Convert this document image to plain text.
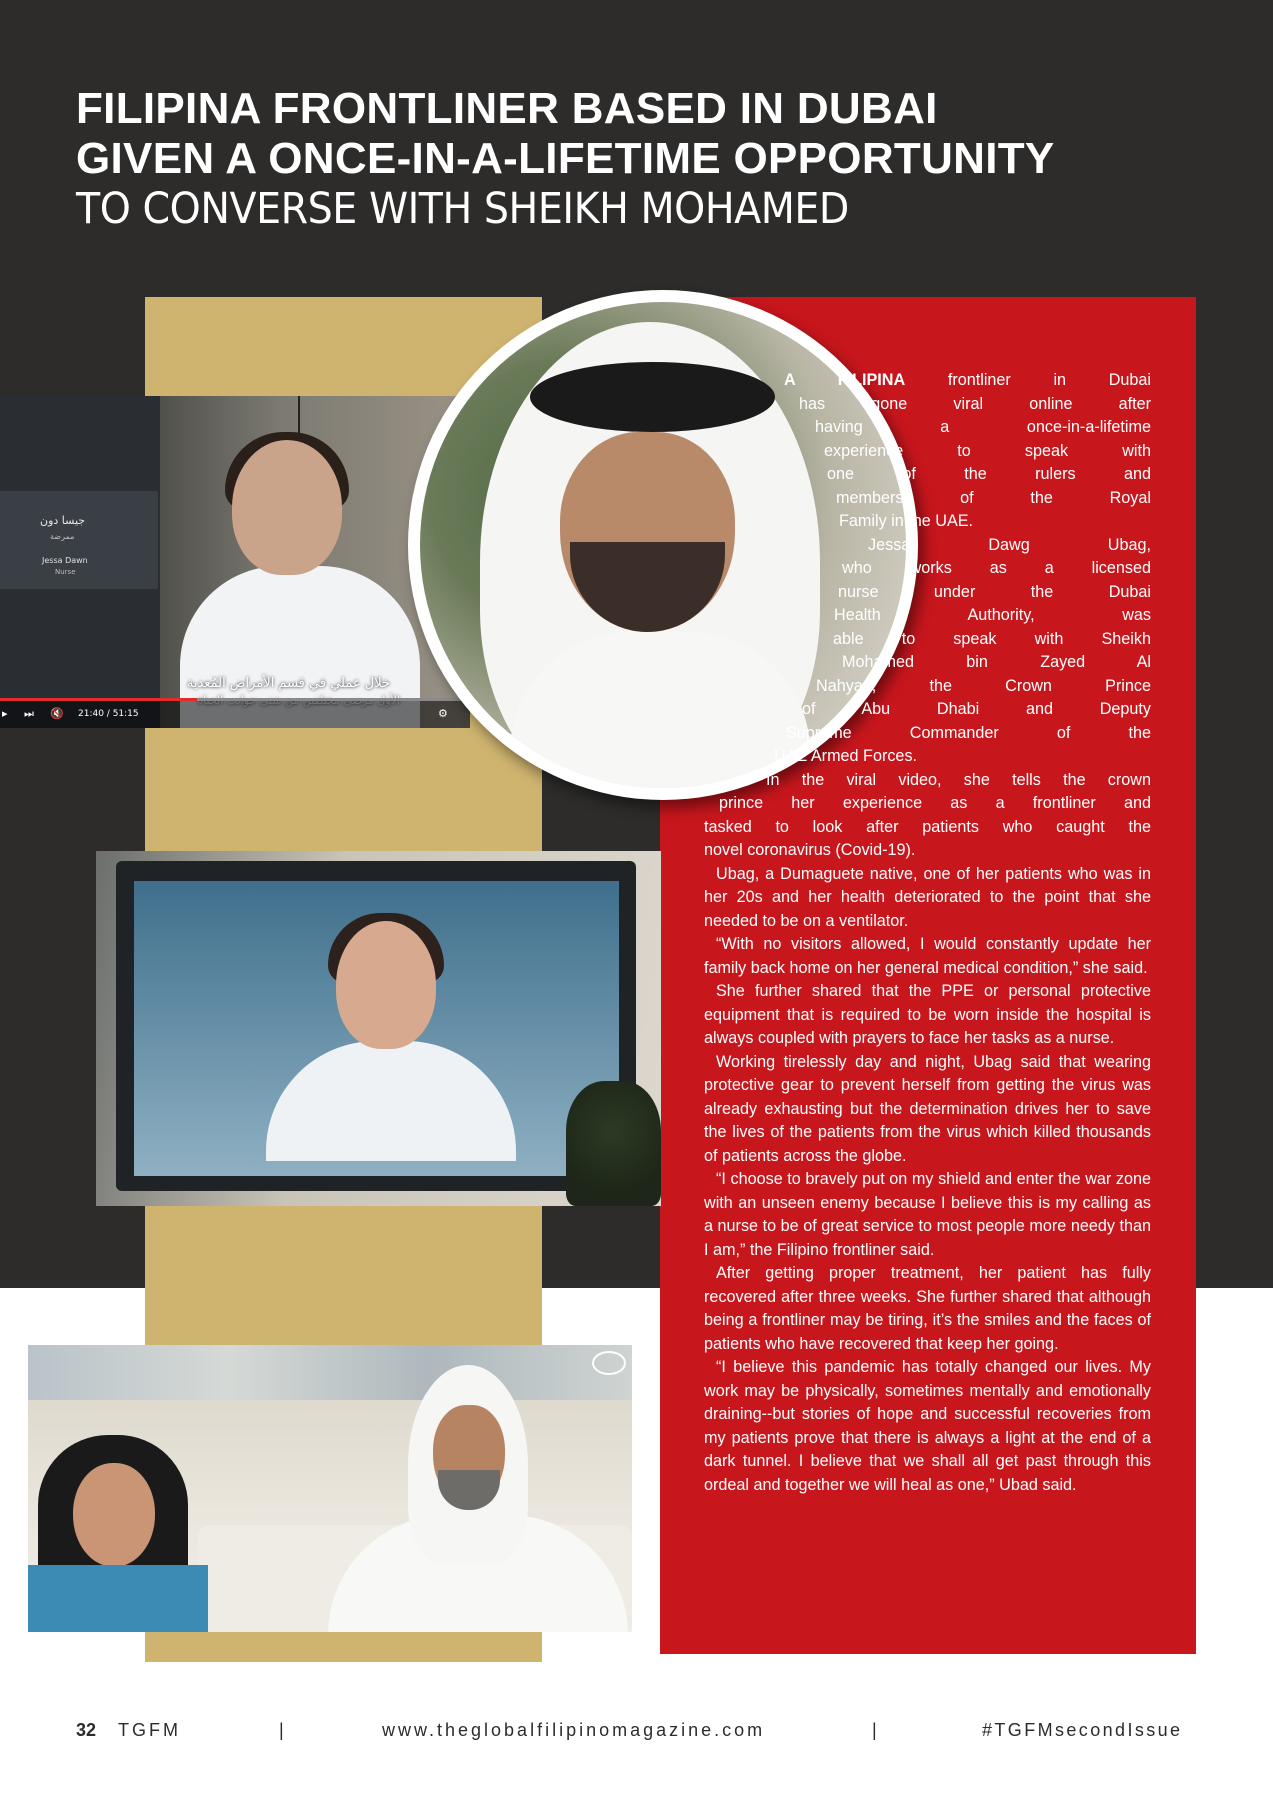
FILIPINA FRONTLINER BASED IN DUBAI
GIVEN A ONCE-IN-A-LIFETIME OPPORTUNITY
TO CONVERSE WITH SHEIKH MOHAMED
جيسا دون
ممرضة
Jessa Dawn
Nurse
خلال عملي في قسم الأمراض المُعدية
▸ ⏭ 🔇 21:40 / 51:15	⚙
A FILIPINA frontliner in Dubai
has gone viral online after
having a once-in-a-lifetime
experience to speak with
one of the rulers and
members of the Royal
Family in the UAE.
Jessa Dawg Ubag,
who works as a licensed
nurse under the Dubai
Health Authority, was
able to speak with Sheikh
Mohamed bin Zayed Al
Nahyan, the Crown Prince
of Abu Dhabi and Deputy
Supreme Commander of the
UAE Armed Forces.
In the viral video, she tells the crown
prince her experience as a frontliner and
tasked to look after patients who caught the
novel coronavirus (Covid-19).

Ubag, a Dumaguete native, one of her patients who was in her 20s and her health deteriorated to the point that she needed to be on a ventilator.

“With no visitors allowed, I would constantly update her family back home on her general medical condition,” she said.

She further shared that the PPE or personal protective equipment that is required to be worn inside the hospital is always coupled with prayers to face her tasks as a nurse.

Working tirelessly day and night, Ubag said that wearing protective gear to prevent herself from getting the virus was already exhausting but the determination drives her to save the lives of the patients from the virus which killed thousands of patients across the globe.

“I choose to bravely put on my shield and enter the war zone with an unseen enemy because I believe this is my calling as a nurse to be of great service to most people more needy than I am,” the Filipino frontliner said.

After getting proper treatment, her patient has fully recovered after three weeks. She further shared that although being a frontliner may be tiring, it’s the smiles and the faces of patients who have recovered that keep her going.

“I believe this pandemic has totally changed our lives. My work may be physically, sometimes mentally and emotionally draining--but stories of hope and successful recoveries from my patients prove that there is always a light at the end of a dark tunnel. I believe that we shall all get past through this ordeal and together we will heal as one,” Ubad said.

32 TGFM	|	www.theglobalfilipinomagazine.com	|	#TGFMsecondIssue
